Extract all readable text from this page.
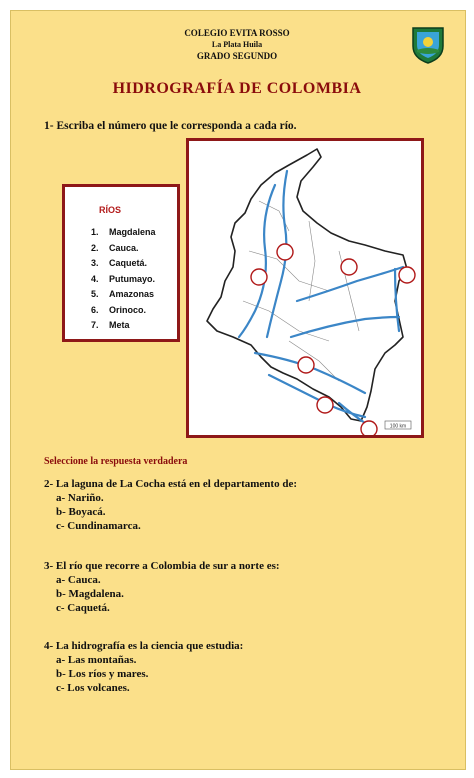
COLEGIO EVITA ROSSO
La Plata Huila
GRADO SEGUNDO
HIDROGRAFÍA DE COLOMBIA
1- Escriba el número que le corresponda a cada río.
RÍOS
1. Magdalena
2. Cauca.
3. Caquetá.
4. Putumayo.
5. Amazonas
6. Orinoco.
7. Meta
100 km
Seleccione la respuesta verdadera
2- La laguna de La Cocha está en el departamento de:
a- Nariño.
b- Boyacá.
c- Cundinamarca.
3- El río que recorre a Colombia de sur a norte es:
a- Cauca.
b- Magdalena.
c- Caquetá.
4- La hidrografía es la ciencia que estudia:
a- Las montañas.
b- Los ríos y mares.
c- Los volcanes.
